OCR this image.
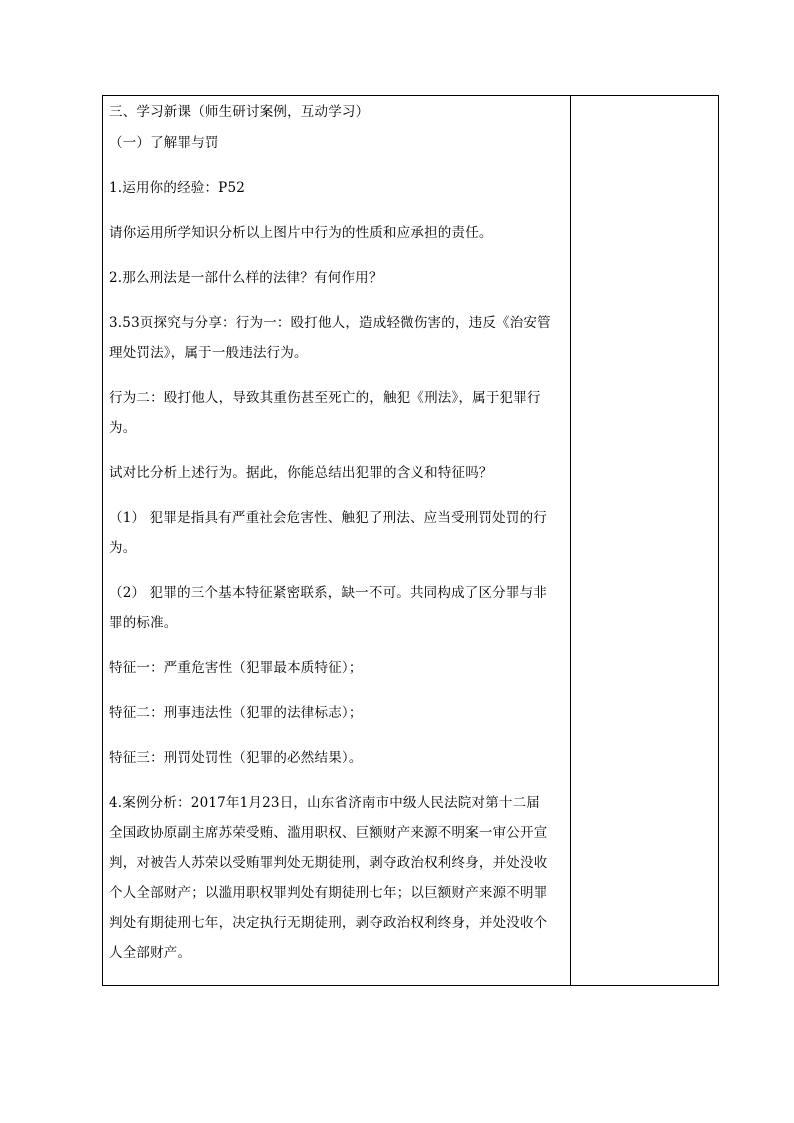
三、学习新课（师生研讨案例，互动学习）
（一）了解罪与罚
1.运用你的经验：P52
请你运用所学知识分析以上图片中行为的性质和应承担的责任。
2.那么刑法是一部什么样的法律？有何作用？
3.53页探究与分享：行为一：殴打他人，造成轻微伤害的，违反《治安管
理处罚法》，属于一般违法行为。
行为二：殴打他人，导致其重伤甚至死亡的，触犯《刑法》，属于犯罪行
为。
试对比分析上述行为。据此，你能总结出犯罪的含义和特征吗？
（1） 犯罪是指具有严重社会危害性、触犯了刑法、应当受刑罚处罚的行
为。
（2） 犯罪的三个基本特征紧密联系，缺一不可。共同构成了区分罪与非
罪的标准。
特征一：严重危害性（犯罪最本质特征）；
特征二：刑事违法性（犯罪的法律标志）；
特征三：刑罚处罚性（犯罪的必然结果）。
4.案例分析：2017年1月23日，山东省济南市中级人民法院对第十二届
全国政协原副主席苏荣受贿、滥用职权、巨额财产来源不明案一审公开宣
判，对被告人苏荣以受贿罪判处无期徒刑，剥夺政治权利终身，并处没收
个人全部财产；以滥用职权罪判处有期徒刑七年；以巨额财产来源不明罪
判处有期徒刑七年，决定执行无期徒刑，剥夺政治权利终身，并处没收个
人全部财产。
